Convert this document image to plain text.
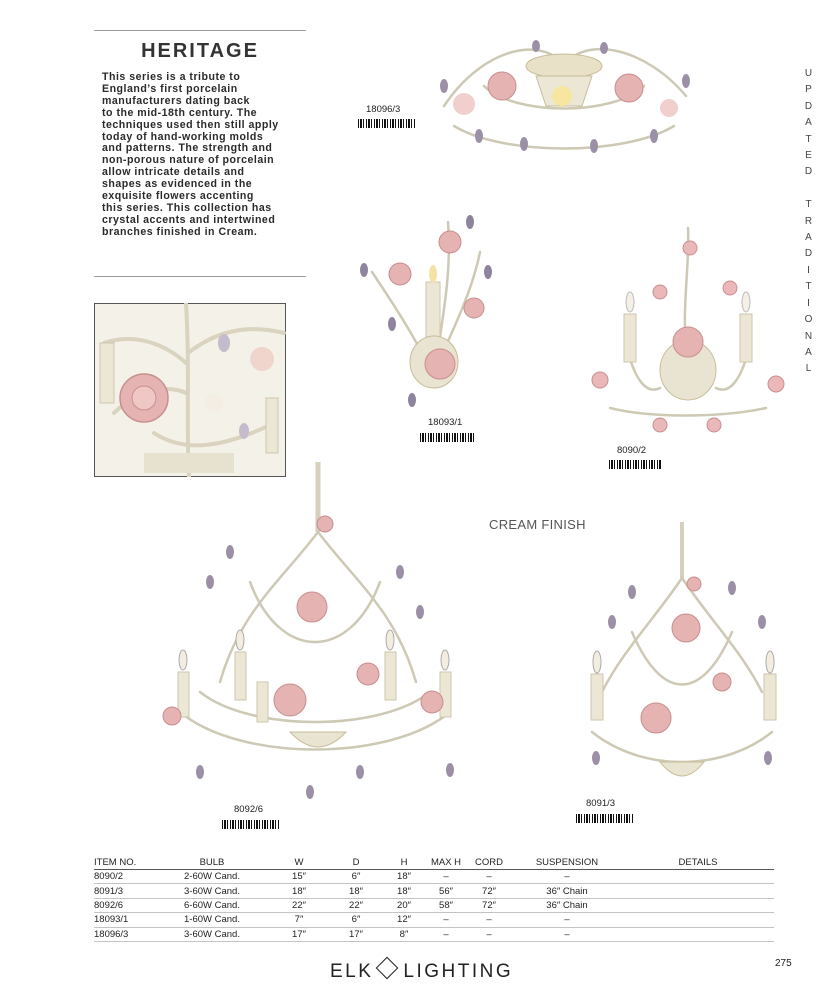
HERITAGE
This series is a tribute to
England’s first porcelain
manufacturers dating back
to the mid-18th century. The
techniques used then still apply
today of hand-working molds
and patterns. The strength and
non-porous nature of porcelain
allow intricate details and
shapes as evidenced in the
exquisite flowers accenting
this series. This collection has
crystal accents and intertwined
branches finished in Cream.
U
P
D
A
T
E
D

T
R
A
D
I
T
I
O
N
A
L
18096/3
18093/1
8090/2
CREAM FINISH
8092/6
8091/3
ITEM NO.	BULB	W	D	H	MAX H	CORD	SUSPENSION	DETAILS
8090/2	2-60W Cand.	15″	6″	18″	–	–	–	
8091/3	3-60W Cand.	18″	18″	18″	56″	72″	36″ Chain	
8092/6	6-60W Cand.	22″	22″	20″	58″	72″	36″ Chain	
18093/1	1-60W Cand.	7″	6″	12″	–	–	–	
18096/3	3-60W Cand.	17″	17″	8″	–	–	–	
ELK LIGHTING	275
